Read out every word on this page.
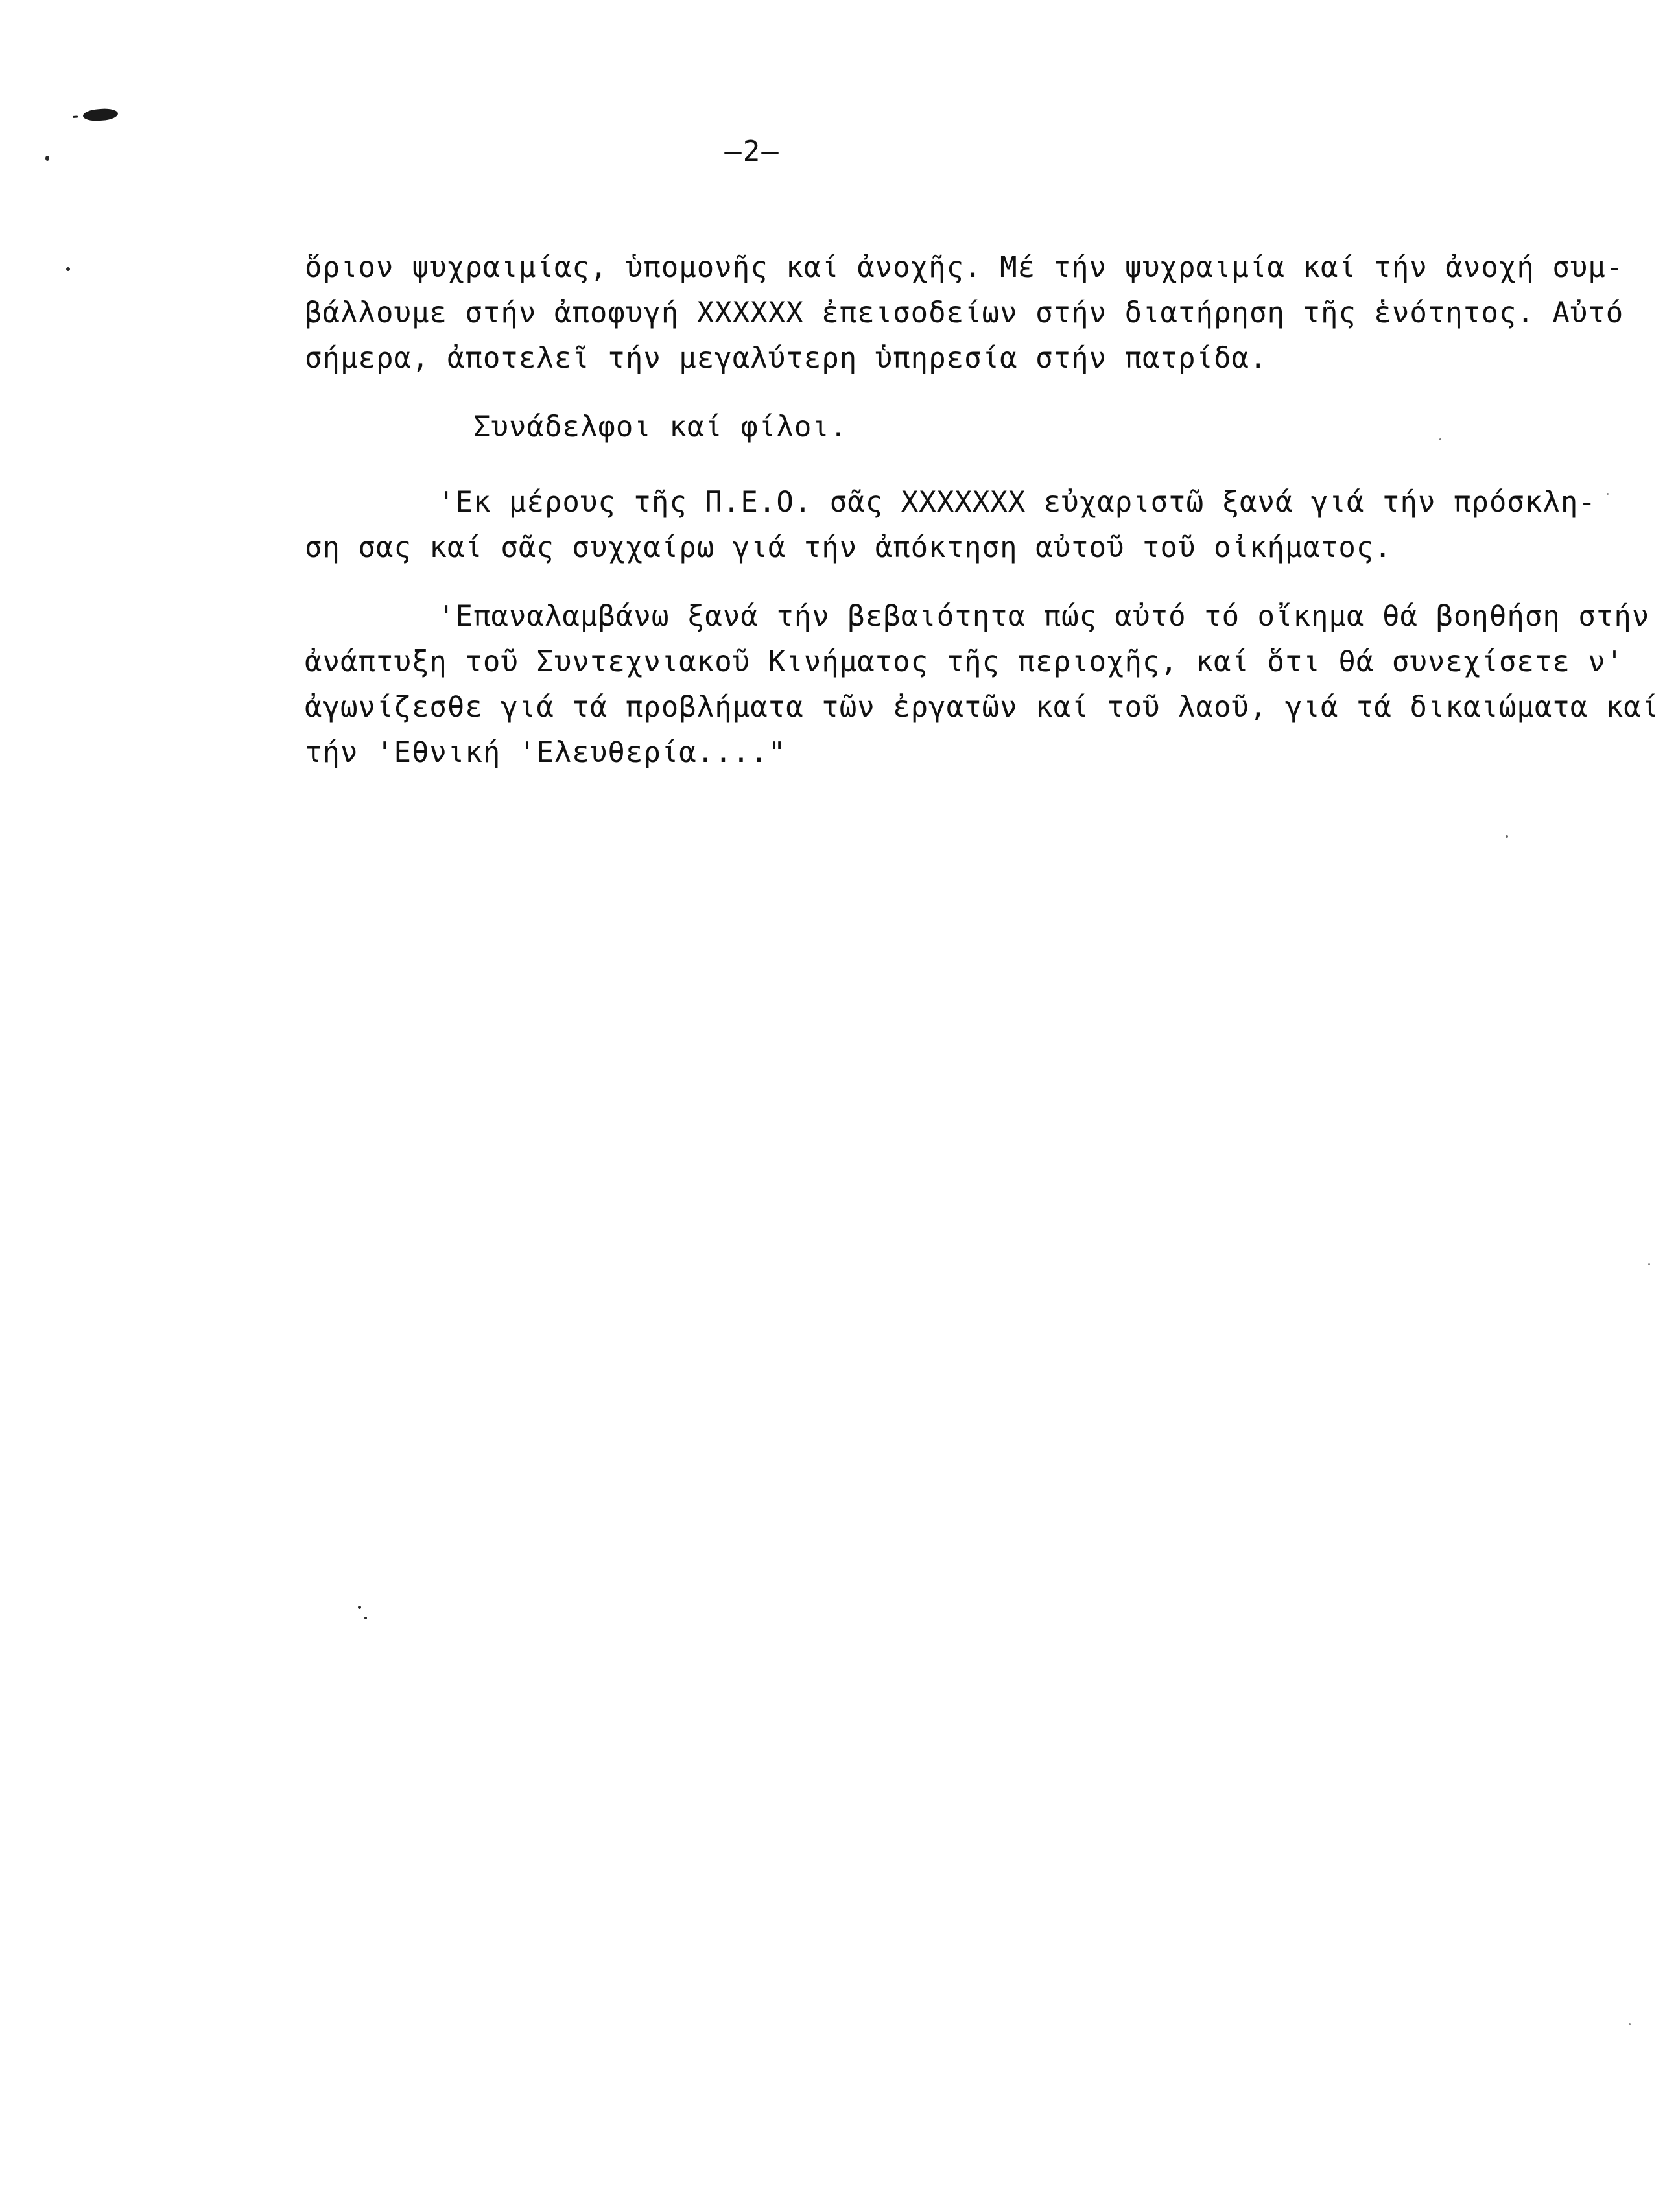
—2—
ὅριον ψυχραιμίας, ὑπομονῆς καί ἀνοχῆς. Μέ τήν ψυχραιμία καί τήν ἀνοχή συμ-
βάλλουμε στήν ἀποφυγή ΧΧΧΧΧΧ ἐπεισοδείων στήν διατήρηση τῆς ἑνότητος. Αὐτό
σήμερα, ἀποτελεῖ τήν μεγαλύτερη ὑπηρεσία στήν πατρίδα.
Συνάδελφοι καί φίλοι.
'Εκ μέρους τῆς Π.Ε.Ο. σᾶς ΧΧΧΧΧΧΧ εὐχαριστῶ ξανά γιά τήν πρόσκλη-
ση σας καί σᾶς συχχαίρω γιά τήν ἀπόκτηση αὐτοῦ τοῦ οἰκήματος.
'Επαναλαμβάνω ξανά τήν βεβαιότητα πώς αὐτό τό οἴκημα θά βοηθήση στήν
ἀνάπτυξη τοῦ Συντεχνιακοῦ Κινήματος τῆς περιοχῆς, καί ὅτι θά συνεχίσετε ν'
ἀγωνίζεσθε γιά τά προβλήματα τῶν ἐργατῶν καί τοῦ λαοῦ, γιά τά δικαιώματα καί
τήν 'Εθνική 'Ελευθερία...."
